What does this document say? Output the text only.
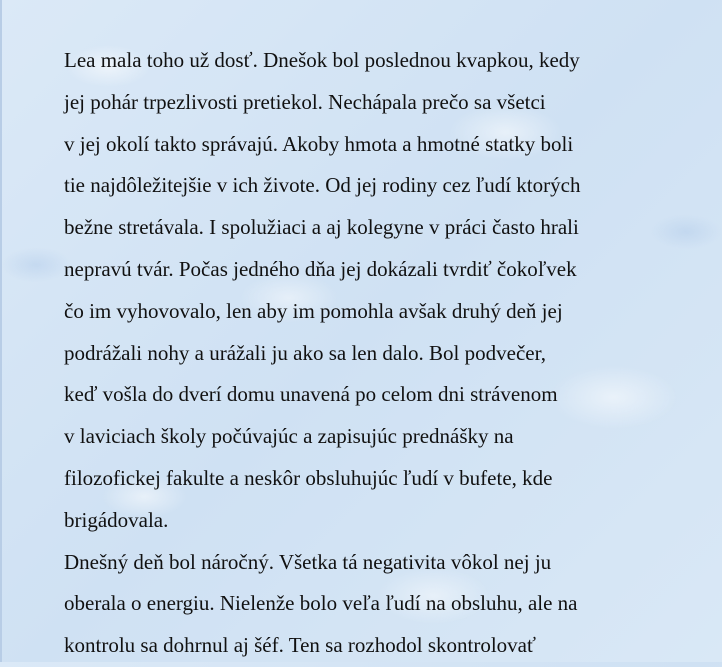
Lea mala toho už dosť. Dnešok bol poslednou kvapkou, kedy
jej pohár trpezlivosti pretiekol. Nechápala prečo sa všetci
v jej okolí takto správajú. Akoby hmota a hmotné statky boli
tie najdôležitejšie v ich živote. Od jej rodiny cez ľudí ktorých
bežne stretávala. I spolužiaci a aj kolegyne v práci často hrali
nepravú tvár. Počas jedného dňa jej dokázali tvrdiť čokoľvek
čo im vyhovovalo, len aby im pomohla avšak druhý deň jej
podrážali nohy a urážali ju ako sa len dalo. Bol podvečer,
keď vošla do dverí domu unavená po celom dni strávenom
v laviciach školy počúvajúc a zapisujúc prednášky na
filozofickej fakulte a neskôr obsluhujúc ľudí v bufete, kde
brigádovala.
Dnešný deň bol náročný. Všetka tá negativita vôkol nej ju
oberala o energiu. Nielenže bolo veľa ľudí na obsluhu, ale na
kontrolu sa dohrnul aj šéf. Ten sa rozhodol skontrolovať
